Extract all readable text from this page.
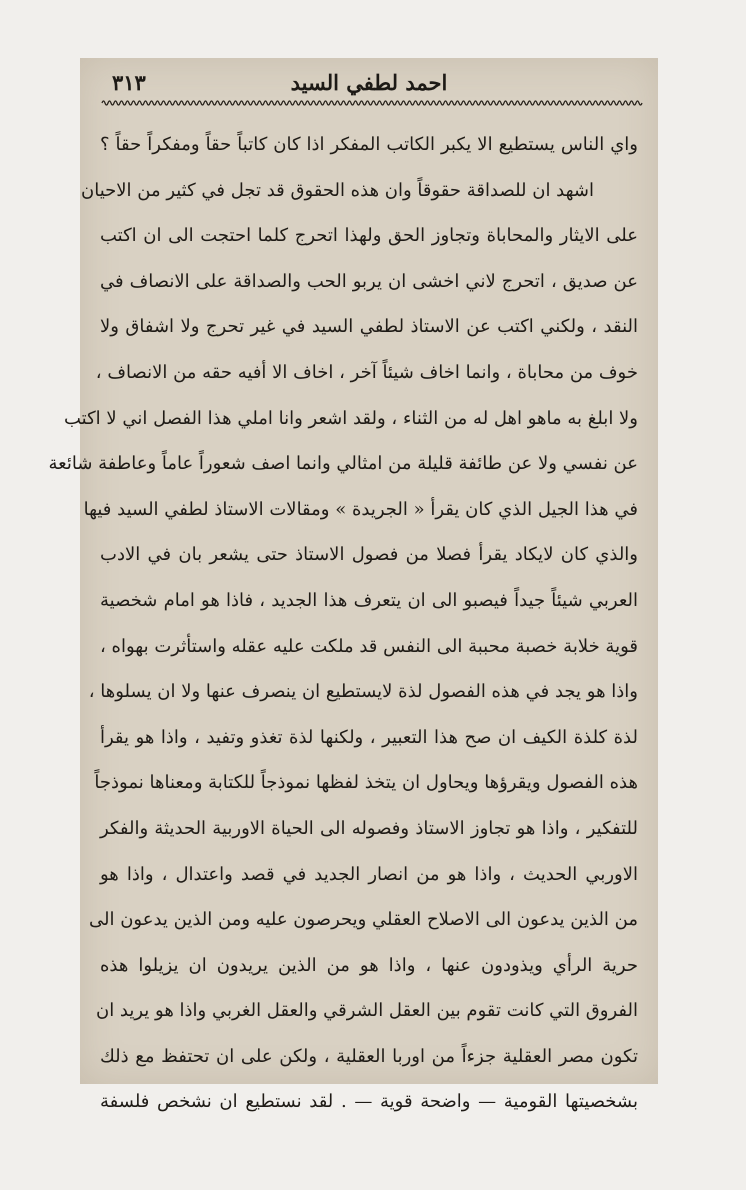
احمد لطفي السيد
٣١٣
واي الناس يستطيع الا يكبر الكاتب المفكر اذا كان كاتباً حقاً ومفكراً حقاً ؟
اشهد ان للصداقة حقوقاً وان هذه الحقوق قد تجل في كثير من الاحيان
على الايثار والمحاباة وتجاوز الحق ولهذا اتحرج كلما احتجت الى ان اكتب
عن صديق ، اتحرج لاني اخشى ان يربو الحب والصداقة على الانصاف في
النقد ، ولكني اكتب عن الاستاذ لطفي السيد في غير تحرج ولا اشفاق ولا
خوف من محاباة ، وانما اخاف شيئاً آخر ، اخاف الا أفيه حقه من الانصاف ،
ولا ابلغ به ماهو اهل له من الثناء ، ولقد اشعر وانا املي هذا الفصل اني لا اكتب
عن نفسي ولا عن طائفة قليلة من امثالي وانما اصف شعوراً عاماً وعاطفة شائعة
في هذا الجيل الذي كان يقرأ « الجريدة » ومقالات الاستاذ لطفي السيد فيها
والذي كان لايكاد يقرأ فصلا من فصول الاستاذ حتى يشعر بان في الادب
العربي شيئاً جيداً فيصبو الى ان يتعرف هذا الجديد ، فاذا هو امام شخصية
قوية خلابة خصبة محببة الى النفس قد ملكت عليه عقله واستأثرت بهواه ،
واذا هو يجد في هذه الفصول لذة لايستطيع ان ينصرف عنها ولا ان يسلوها ،
لذة كلذة الكيف ان صح هذا التعبير ، ولكنها لذة تغذو وتفيد ، واذا هو يقرأ
هذه الفصول ويقرؤها ويحاول ان يتخذ لفظها نموذجاً للكتابة ومعناها نموذجاً
للتفكير ، واذا هو تجاوز الاستاذ وفصوله الى الحياة الاوربية الحديثة والفكر
الاوربي الحديث ، واذا هو من انصار الجديد في قصد واعتدال ، واذا هو
من الذين يدعون الى الاصلاح العقلي ويحرصون عليه ومن الذين يدعون الى
حرية الرأي ويذودون عنها ، واذا هو من الذين يريدون ان يزيلوا هذه
الفروق التي كانت تقوم بين العقل الشرقي والعقل الغربي واذا هو يريد ان
تكون مصر العقلية جزءاً من اوربا العقلية ، ولكن على ان تحتفظ مع ذلك
بشخصيتها القومية — واضحة قوية — . لقد نستطيع ان نشخص فلسفة
